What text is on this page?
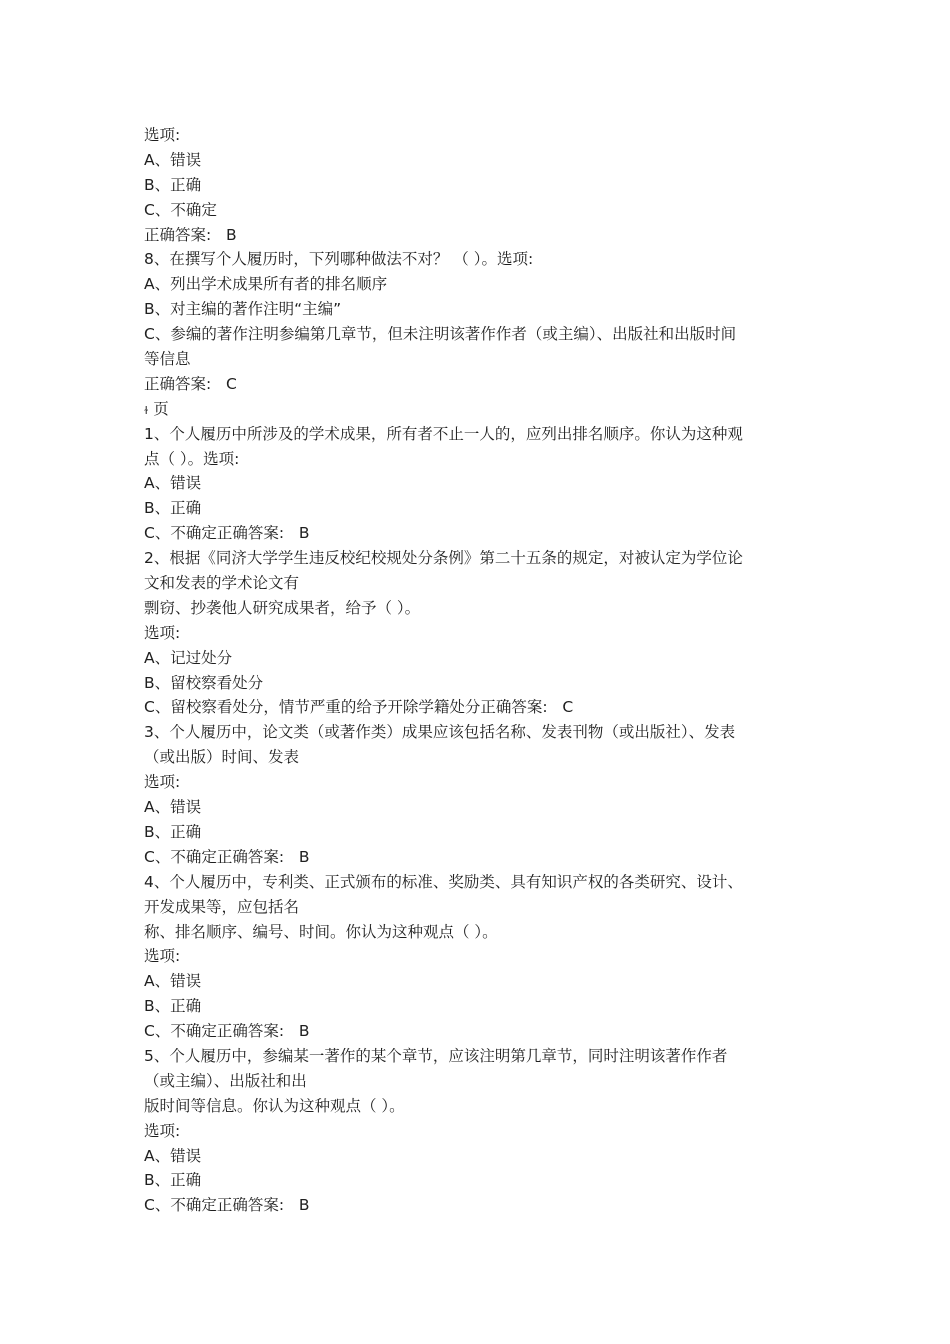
选项:
A、错误
B、正确
C、不确定
正确答案:   B
8、在撰写个人履历时，下列哪种做法不对？ （ ）。选项:
A、列出学术成果所有者的排名顺序
B、对主编的著作注明“主编”
C、参编的著作注明参编第几章节，但未注明该著作作者（或主编）、出版社和出版时间
等信息
正确答案:   C
ɫ 页
1、个人履历中所涉及的学术成果，所有者不止一人的，应列出排名顺序。你认为这种观
点（ ）。选项:
A、错误
B、正确
C、不确定正确答案:   B
2、根据《同济大学学生违反校纪校规处分条例》第二十五条的规定，对被认定为学位论
文和发表的学术论文有
剽窃、抄袭他人研究成果者，给予（ ）。
选项:
A、记过处分
B、留校察看处分
C、留校察看处分，情节严重的给予开除学籍处分正确答案:   C
3、个人履历中，论文类（或著作类）成果应该包括名称、发表刊物（或出版社）、发表
（或出版）时间、发表
选项:
A、错误
B、正确
C、不确定正确答案:   B
4、个人履历中，专利类、正式颁布的标准、奖励类、具有知识产权的各类研究、设计、
开发成果等，应包括名
称、排名顺序、编号、时间。你认为这种观点（ ）。
选项:
A、错误
B、正确
C、不确定正确答案:   B
5、个人履历中，参编某一著作的某个章节，应该注明第几章节，同时注明该著作作者
（或主编）、出版社和出
版时间等信息。你认为这种观点（ ）。
选项:
A、错误
B、正确
C、不确定正确答案:   B
